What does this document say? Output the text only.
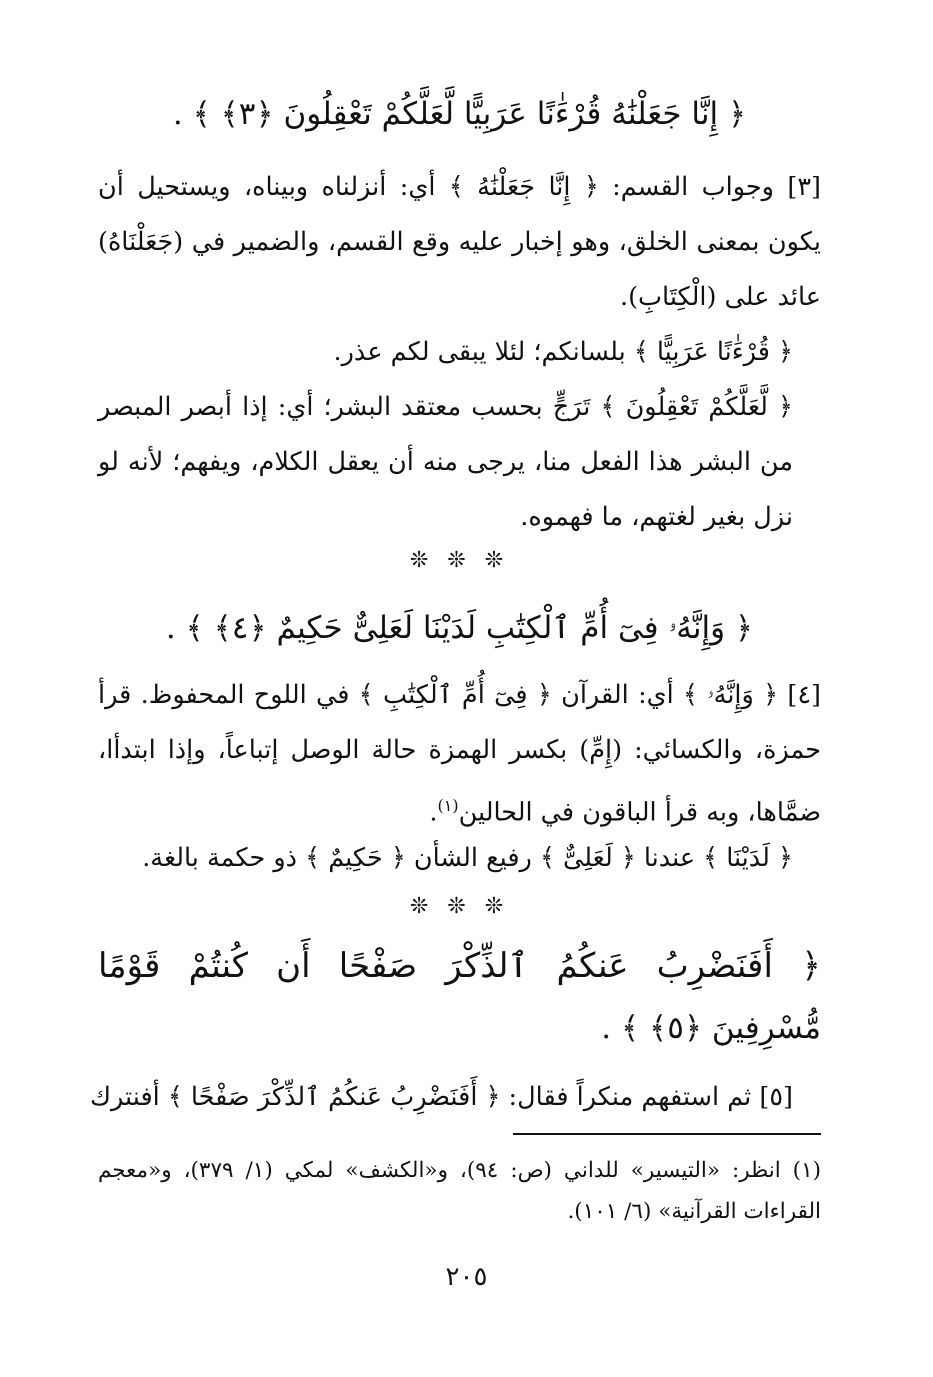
﴿ إِنَّا جَعَلْنَٰهُ قُرْءَٰنًا عَرَبِيًّا لَّعَلَّكُمْ تَعْقِلُونَ ﴿٣﴾ ﴾ .

[٣] وجواب القسم: ﴿ إِنَّا جَعَلْنَٰهُ ﴾ أي: أنزلناه وبيناه، ويستحيل أن يكون بمعنى الخلق، وهو إخبار عليه وقع القسم، والضمير في (جَعَلْنَاهُ) عائد على (الْكِتَابِ).

﴿ قُرْءَٰنًا عَرَبِيًّا ﴾ بلسانكم؛ لئلا يبقى لكم عذر.

﴿ لَّعَلَّكُمْ تَعْقِلُونَ ﴾ تَرَجٍّ بحسب معتقد البشر؛ أي: إذا أبصر المبصر من البشر هذا الفعل منا، يرجى منه أن يعقل الكلام، ويفهم؛ لأنه لو نزل بغير لغتهم، ما فهموه.

❊ ❊ ❊

﴿ وَإِنَّهُۥ فِىٓ أُمِّ ٱلْكِتَٰبِ لَدَيْنَا لَعَلِىٌّ حَكِيمٌ ﴿٤﴾ ﴾ .

[٤] ﴿ وَإِنَّهُۥ ﴾ أي: القرآن ﴿ فِىٓ أُمِّ ٱلْكِتَٰبِ ﴾ في اللوح المحفوظ. قرأ حمزة، والكسائي: (إِمِّ) بكسر الهمزة حالة الوصل إتباعاً، وإذا ابتدأا، ضمَّاها، وبه قرأ الباقون في الحالين$^{(١)}$.

﴿ لَدَيْنَا ﴾ عندنا ﴿ لَعَلِىٌّ ﴾ رفيع الشأن ﴿ حَكِيمٌ ﴾ ذو حكمة بالغة.

❊ ❊ ❊

﴿ أَفَنَضْرِبُ عَنكُمُ ٱلذِّكْرَ صَفْحًا أَن كُنتُمْ قَوْمًا

مُّسْرِفِينَ ﴿٥﴾ ﴾ .

[٥] ثم استفهم منكراً فقال: ﴿ أَفَنَضْرِبُ عَنكُمُ ٱلذِّكْرَ صَفْحًا ﴾ أفنترك

(١) انظر: «التيسير» للداني (ص: ٩٤)، و«الكشف» لمكي (١/ ٣٧٩)، و«معجم القراءات القرآنية» (٦/ ١٠١).

٢٠٥
